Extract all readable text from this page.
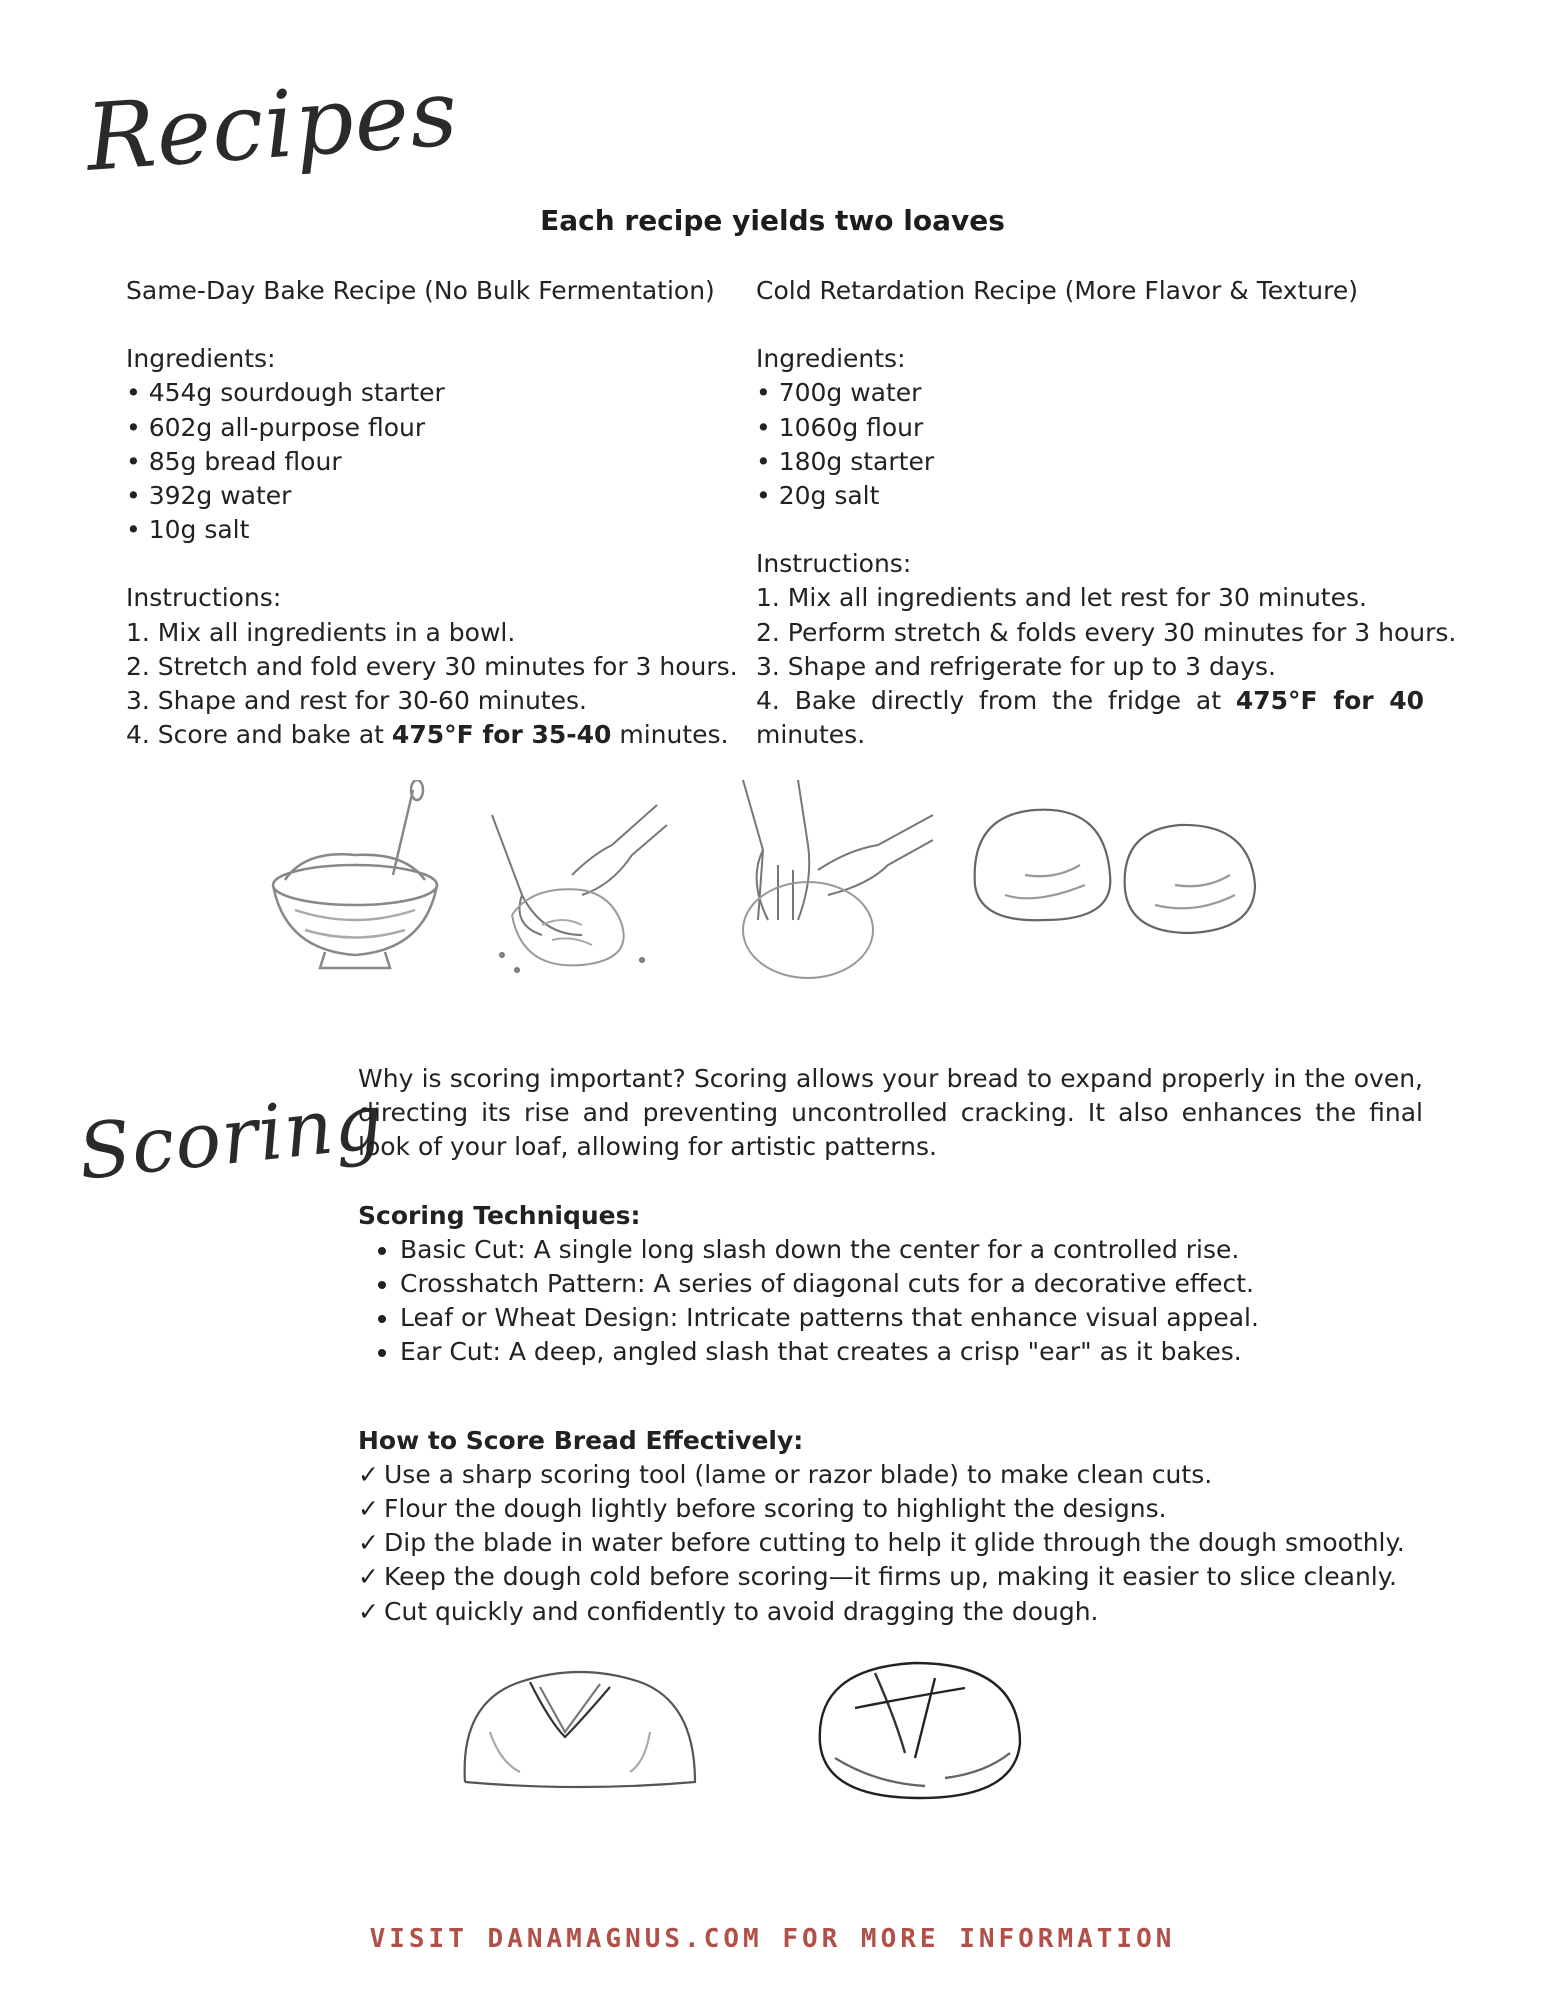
Recipes
Each recipe yields two loaves
Same-Day Bake Recipe (No Bulk Fermentation)
Ingredients:
• 454g sourdough starter
• 602g all-purpose flour
• 85g bread flour
• 392g water
• 10g salt
Instructions:
1. Mix all ingredients in a bowl.
2. Stretch and fold every 30 minutes for 3 hours.
3. Shape and rest for 30-60 minutes.
4. Score and bake at 475°F for 35-40 minutes.
Cold Retardation Recipe (More Flavor & Texture)
Ingredients:
• 700g water
• 1060g flour
• 180g starter
• 20g salt
Instructions:
1. Mix all ingredients and let rest for 30 minutes.
2. Perform stretch & folds every 30 minutes for 3 hours.
3. Shape and refrigerate for up to 3 days.
4. Bake directly from the fridge at 475°F for 40 minutes.
Scoring
Why is scoring important? Scoring allows your bread to expand properly in the oven, directing its rise and preventing uncontrolled cracking. It also enhances the final look of your loaf, allowing for artistic patterns.
Scoring Techniques:
• Basic Cut: A single long slash down the center for a controlled rise.
• Crosshatch Pattern: A series of diagonal cuts for a decorative effect.
• Leaf or Wheat Design: Intricate patterns that enhance visual appeal.
• Ear Cut: A deep, angled slash that creates a crisp "ear" as it bakes.
How to Score Bread Effectively:
✓ Use a sharp scoring tool (lame or razor blade) to make clean cuts.
✓ Flour the dough lightly before scoring to highlight the designs.
✓ Dip the blade in water before cutting to help it glide through the dough smoothly.
✓ Keep the dough cold before scoring—it firms up, making it easier to slice cleanly.
✓ Cut quickly and confidently to avoid dragging the dough.
VISIT DANAMAGNUS.COM FOR MORE INFORMATION
